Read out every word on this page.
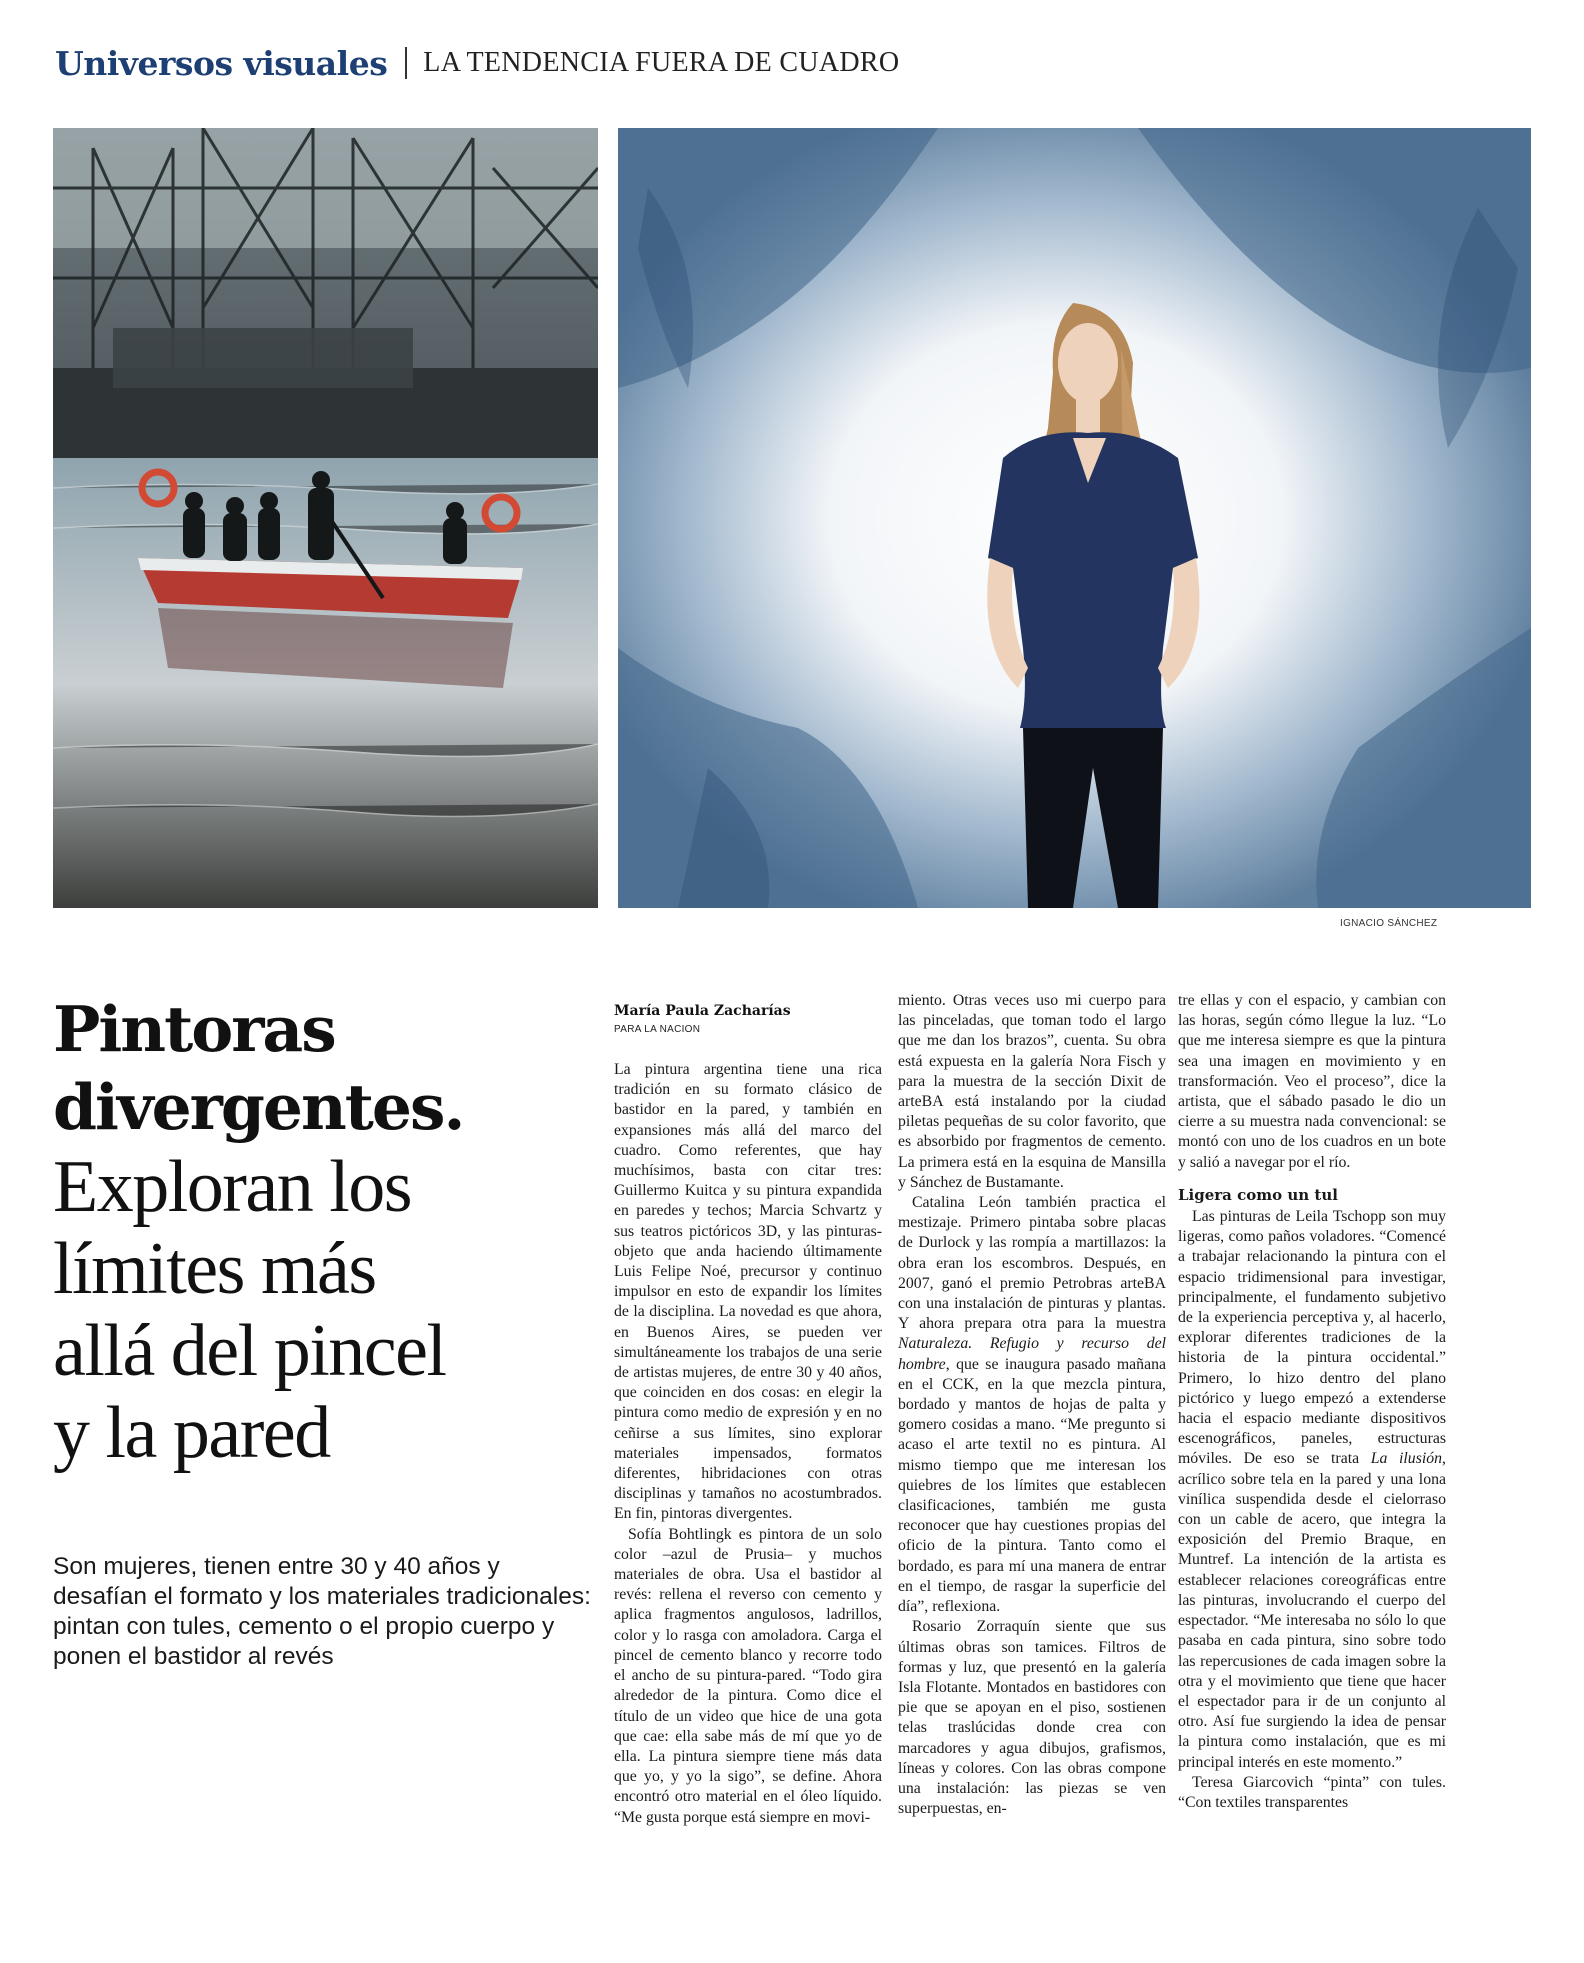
Universos visuales LA TENDENCIA FUERA DE CUADRO
IGNACIO SÁNCHEZ
Pintoras
divergentes.
Exploran los
límites más
allá del pincel
y la pared
Son mujeres, tienen entre 30 y 40 años y desafían el formato y los materiales tradicionales: pintan con tules, cemento o el propio cuerpo y ponen el bastidor al revés
María Paula Zacharías
PARA LA NACION

La pintura argentina tiene una rica tradición en su formato clásico de bastidor en la pared, y también en expansiones más allá del marco del cuadro. Como referentes, que hay muchísimos, basta con citar tres: Guillermo Kuitca y su pintura expandida en paredes y techos; Marcia Schvartz y sus teatros pictóricos 3D, y las pinturas-objeto que anda haciendo últimamente Luis Felipe Noé, precursor y continuo impulsor en esto de expandir los límites de la disciplina. La novedad es que ahora, en Buenos Aires, se pueden ver simultáneamente los trabajos de una serie de artistas mujeres, de entre 30 y 40 años, que coinciden en dos cosas: en elegir la pintura como medio de expresión y en no ceñirse a sus límites, sino explorar materiales impensados, formatos diferentes, hibridaciones con otras disciplinas y tamaños no acostumbrados. En fin, pintoras divergentes.

Sofía Bohtlingk es pintora de un solo color –azul de Prusia– y muchos materiales de obra. Usa el bastidor al revés: rellena el reverso con cemento y aplica fragmentos angulosos, ladrillos, color y lo rasga con amoladora. Carga el pincel de cemento blanco y recorre todo el ancho de su pintura-pared. “Todo gira alrededor de la pintura. Como dice el título de un video que hice de una gota que cae: ella sabe más de mí que yo de ella. La pintura siempre tiene más data que yo, y yo la sigo”, se define. Ahora encontró otro material en el óleo líquido. “Me gusta porque está siempre en movi-

miento. Otras veces uso mi cuerpo para las pinceladas, que toman todo el largo que me dan los brazos”, cuenta. Su obra está expuesta en la galería Nora Fisch y para la muestra de la sección Dixit de arteBA está instalando por la ciudad piletas pequeñas de su color favorito, que es absorbido por fragmentos de cemento. La primera está en la esquina de Mansilla y Sánchez de Bustamante.

Catalina León también practica el mestizaje. Primero pintaba sobre placas de Durlock y las rompía a martillazos: la obra eran los escombros. Después, en 2007, ganó el premio Petrobras arteBA con una instalación de pinturas y plantas. Y ahora prepara otra para la muestra Naturaleza. Refugio y recurso del hombre, que se inaugura pasado mañana en el CCK, en la que mezcla pintura, bordado y mantos de hojas de palta y gomero cosidas a mano. “Me pregunto si acaso el arte textil no es pintura. Al mismo tiempo que me interesan los quiebres de los límites que establecen clasificaciones, también me gusta reconocer que hay cuestiones propias del oficio de la pintura. Tanto como el bordado, es para mí una manera de entrar en el tiempo, de rasgar la superficie del día”, reflexiona.

Rosario Zorraquín siente que sus últimas obras son tamices. Filtros de formas y luz, que presentó en la galería Isla Flotante. Montados en bastidores con pie que se apoyan en el piso, sostienen telas traslúcidas donde crea con marcadores y agua dibujos, grafismos, líneas y colores. Con las obras compone una instalación: las piezas se ven superpuestas, en-

tre ellas y con el espacio, y cambian con las horas, según cómo llegue la luz. “Lo que me interesa siempre es que la pintura sea una imagen en movimiento y en transformación. Veo el proceso”, dice la artista, que el sábado pasado le dio un cierre a su muestra nada convencional: se montó con uno de los cuadros en un bote y salió a navegar por el río.

Ligera como un tul

Las pinturas de Leila Tschopp son muy ligeras, como paños voladores. “Comencé a trabajar relacionando la pintura con el espacio tridimensional para investigar, principalmente, el fundamento subjetivo de la experiencia perceptiva y, al hacerlo, explorar diferentes tradiciones de la historia de la pintura occidental.” Primero, lo hizo dentro del plano pictórico y luego empezó a extenderse hacia el espacio mediante dispositivos escenográficos, paneles, estructuras móviles. De eso se trata La ilusión, acrílico sobre tela en la pared y una lona vinílica suspendida desde el cielorraso con un cable de acero, que integra la exposición del Premio Braque, en Muntref. La intención de la artista es establecer relaciones coreográficas entre las pinturas, involucrando el cuerpo del espectador. “Me interesaba no sólo lo que pasaba en cada pintura, sino sobre todo las repercusiones de cada imagen sobre la otra y el movimiento que tiene que hacer el espectador para ir de un conjunto al otro. Así fue surgiendo la idea de pensar la pintura como instalación, que es mi principal interés en este momento.”

Teresa Giarcovich “pinta” con tules. “Con textiles transparentes
